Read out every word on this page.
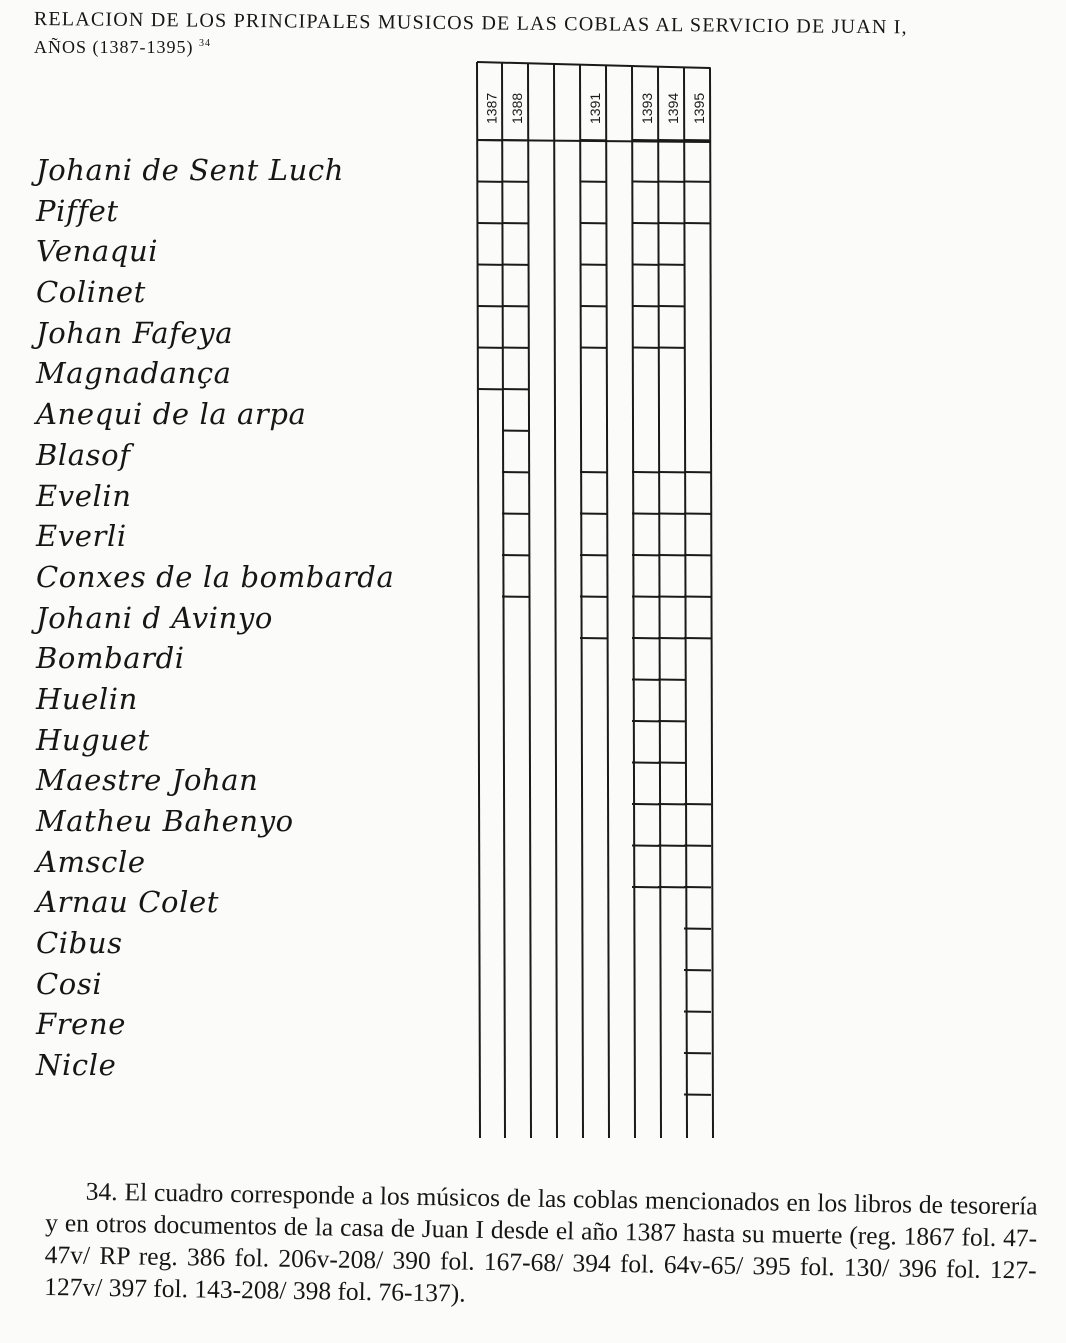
RELACION DE LOS PRINCIPALES MUSICOS DE LAS COBLAS AL SERVICIO DE JUAN I,

AÑOS (1387-1395) $^{34}$

1387 1388	1391	1393 1394 1395
Johani de Sent Luch
Piffet
Venaqui
Colinet
Johan Fafeya
Magnadança
Anequi de la arpa
Blasof
Evelin
Everli
Conxes de la bombarda
Johani d Avinyo
Bombardi
Huelin
Huguet
Maestre Johan
Matheu Bahenyo
Amscle
Arnau Colet
Cibus
Cosi
Frene
Nicle
34. El cuadro corresponde a los músicos de las coblas mencionados en los libros de tesorería y en otros documentos de la casa de Juan I desde el año 1387 hasta su muerte (reg. 1867 fol. 47-47v/ RP reg. 386 fol. 206v-208/ 390 fol. 167-68/ 394 fol. 64v-65/ 395 fol. 130/ 396 fol. 127-127v/ 397 fol. 143-208/ 398 fol. 76-137).
